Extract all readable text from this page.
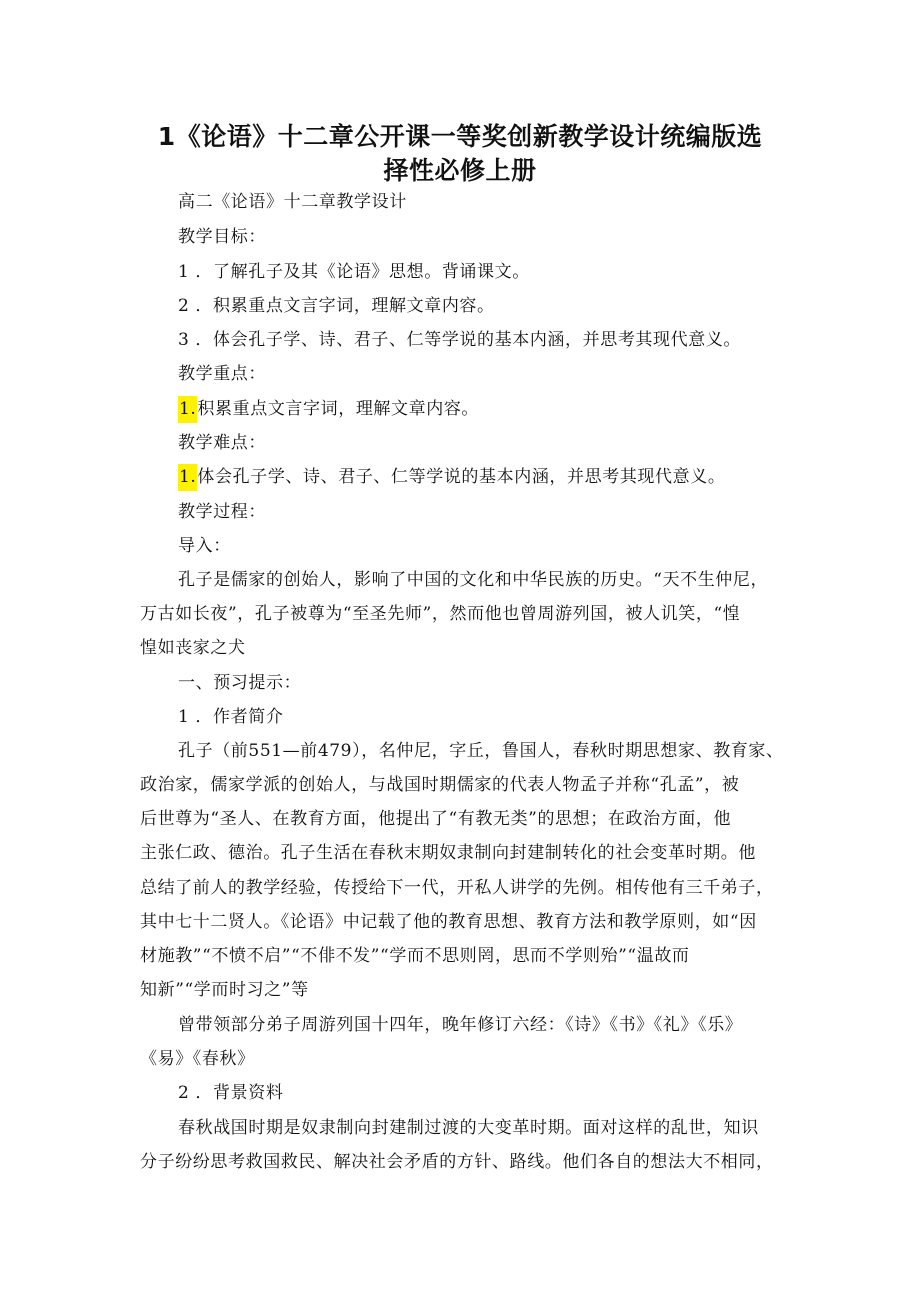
1《论语》十二章公开课一等奖创新教学设计统编版选
择性必修上册
高二《论语》十二章教学设计
教学目标：
1 ．了解孔子及其《论语》思想。背诵课文。
2 ．积累重点文言字词，理解文章内容。
3 ．体会孔子学、诗、君子、仁等学说的基本内涵，并思考其现代意义。
教学重点：
1.积累重点文言字词，理解文章内容。
教学难点：
1.体会孔子学、诗、君子、仁等学说的基本内涵，并思考其现代意义。
教学过程：
导入：
孔子是儒家的创始人，影响了中国的文化和中华民族的历史。“天不生仲尼，
万古如长夜”，孔子被尊为“至圣先师”，然而他也曾周游列国，被人讥笑，“惶
惶如丧家之犬
一、预习提示：
1 ．作者简介
孔子（前551—前479），名仲尼，字丘，鲁国人，春秋时期思想家、教育家、
政治家，儒家学派的创始人，与战国时期儒家的代表人物孟子并称“孔孟”，被
后世尊为“圣人、在教育方面，他提出了“有教无类”的思想；在政治方面，他
主张仁政、德治。孔子生活在春秋末期奴隶制向封建制转化的社会变革时期。他
总结了前人的教学经验，传授给下一代，开私人讲学的先例。相传他有三千弟子，
其中七十二贤人。《论语》中记载了他的教育思想、教育方法和教学原则，如“因
材施教”“不愤不启”“不俳不发”“学而不思则罔，思而不学则殆”“温故而
知新”“学而时习之”等
曾带领部分弟子周游列国十四年，晚年修订六经：《诗》《书》《礼》《乐》
《易》《春秋》
2 ．背景资料
春秋战国时期是奴隶制向封建制过渡的大变革时期。面对这样的乱世，知识
分子纷纷思考救国救民、解决社会矛盾的方针、路线。他们各自的想法大不相同，
